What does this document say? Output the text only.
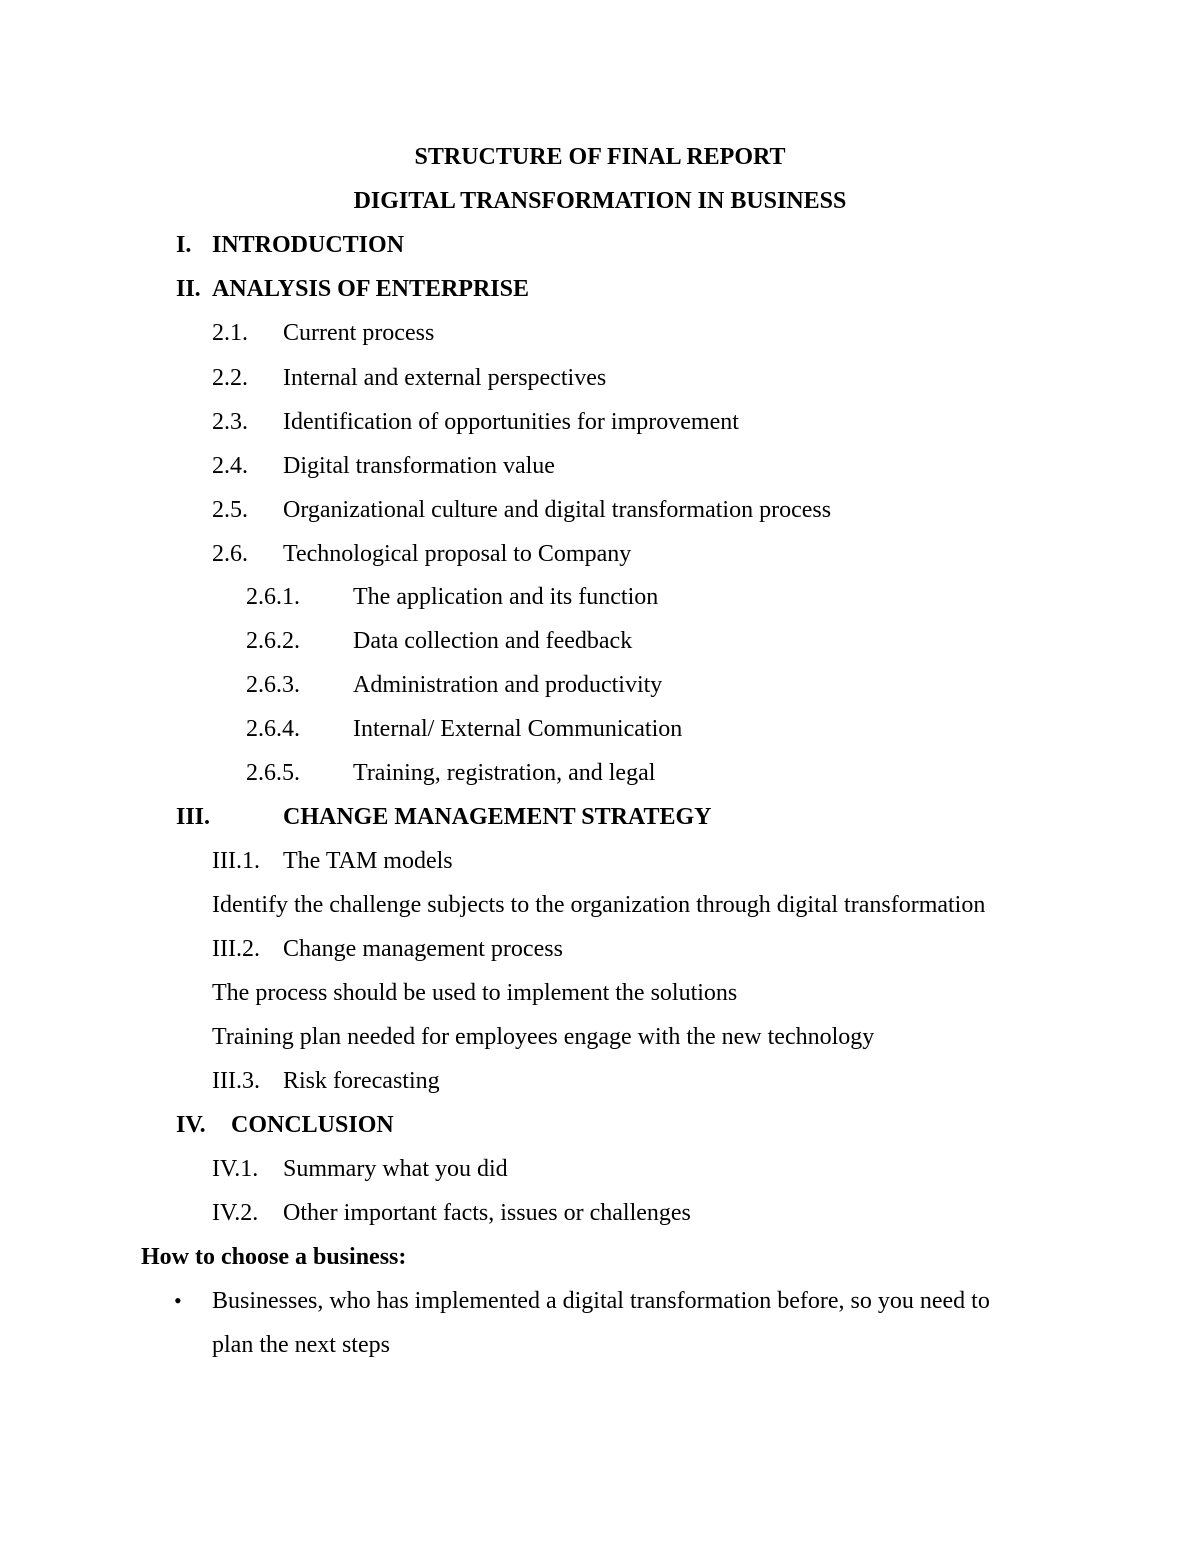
STRUCTURE OF FINAL REPORT
DIGITAL TRANSFORMATION IN BUSINESS
I. INTRODUCTION
II. ANALYSIS OF ENTERPRISE
2.1. Current process
2.2. Internal and external perspectives
2.3. Identification of opportunities for improvement
2.4. Digital transformation value
2.5. Organizational culture and digital transformation process
2.6. Technological proposal to Company
2.6.1. The application and its function
2.6.2. Data collection and feedback
2.6.3. Administration and productivity
2.6.4. Internal/ External Communication
2.6.5. Training, registration, and legal
III.	CHANGE MANAGEMENT STRATEGY
III.1. The TAM models
Identify the challenge subjects to the organization through digital transformation
III.2. Change management process
The process should be used to implement the solutions
Training plan needed for employees engage with the new technology
III.3. Risk forecasting
IV. CONCLUSION
IV.1. Summary what you did
IV.2. Other important facts, issues or challenges
How to choose a business:
• Businesses, who has implemented a digital transformation before, so you need to
plan the next steps
